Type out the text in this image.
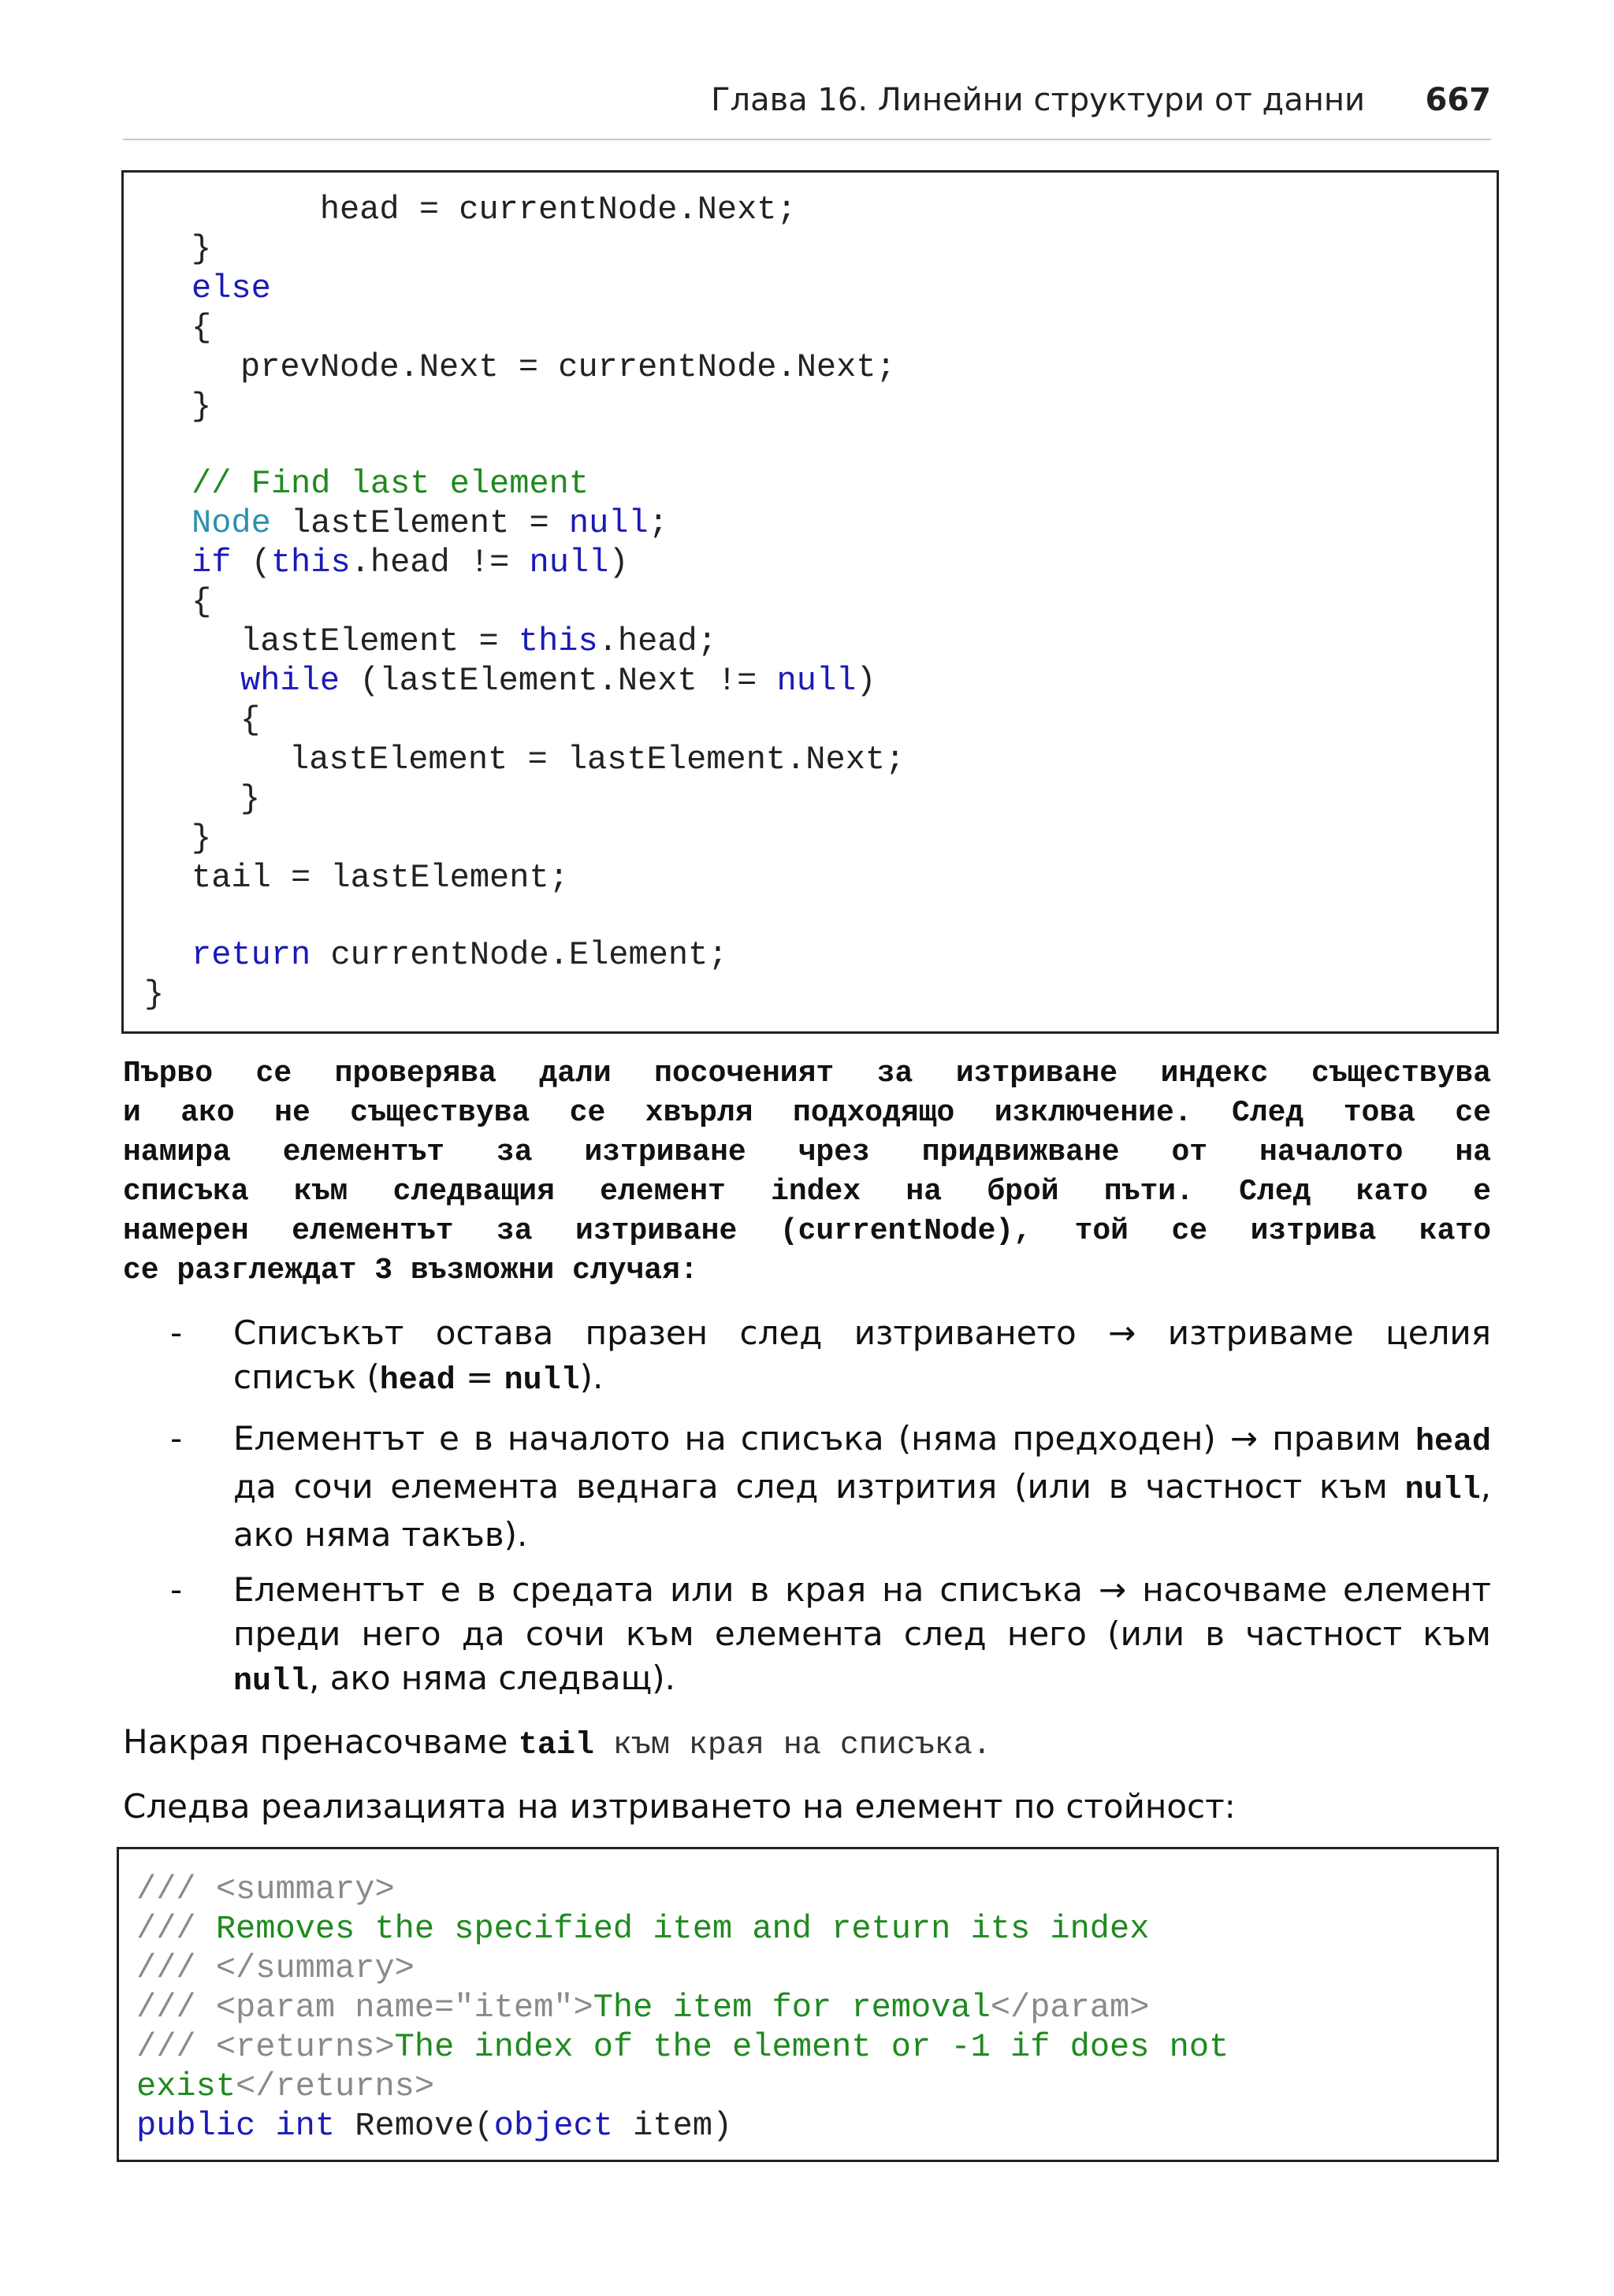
Глава 16. Линейни структури от данни 667
head = currentNode.Next;
}
else
{
prevNode.Next = currentNode.Next;
}
// Find last element
Node lastElement = null;
if (this.head != null)
{
lastElement = this.head;
while (lastElement.Next != null)
{
lastElement = lastElement.Next;
}
}
tail = lastElement;
return currentNode.Element;
}
Първо се проверява дали посоченият за изтриване индекс съществува
и ако не съществува се хвърля подходящо изключение. След това се
намира елементът за изтриване чрез придвижване от началото на
списъка към следващия елемент index на брой пъти. След като е
намерен елементът за изтриване (currentNode), той се изтрива като
се разглеждат 3 възможни случая:
- Списъкът остава празен след изтриването → изтриваме целия
списък (head = null).
- Елементът е в началото на списъка (няма предходен) → правим head
да сочи елемента веднага след изтрития (или в частност към null,
ако няма такъв).
- Елементът е в средата или в края на списъка → насочваме елемент
преди него да сочи към елемента след него (или в частност към
null, ако няма следващ).
Накрая пренасочваме tail към края на списъка.
Следва реализацията на изтриването на елемент по стойност:
/// <summary>
/// Removes the specified item and return its index
/// </summary>
/// <param name="item">The item for removal</param>
/// <returns>The index of the element or -1 if does not
exist</returns>
public int Remove(object item)
